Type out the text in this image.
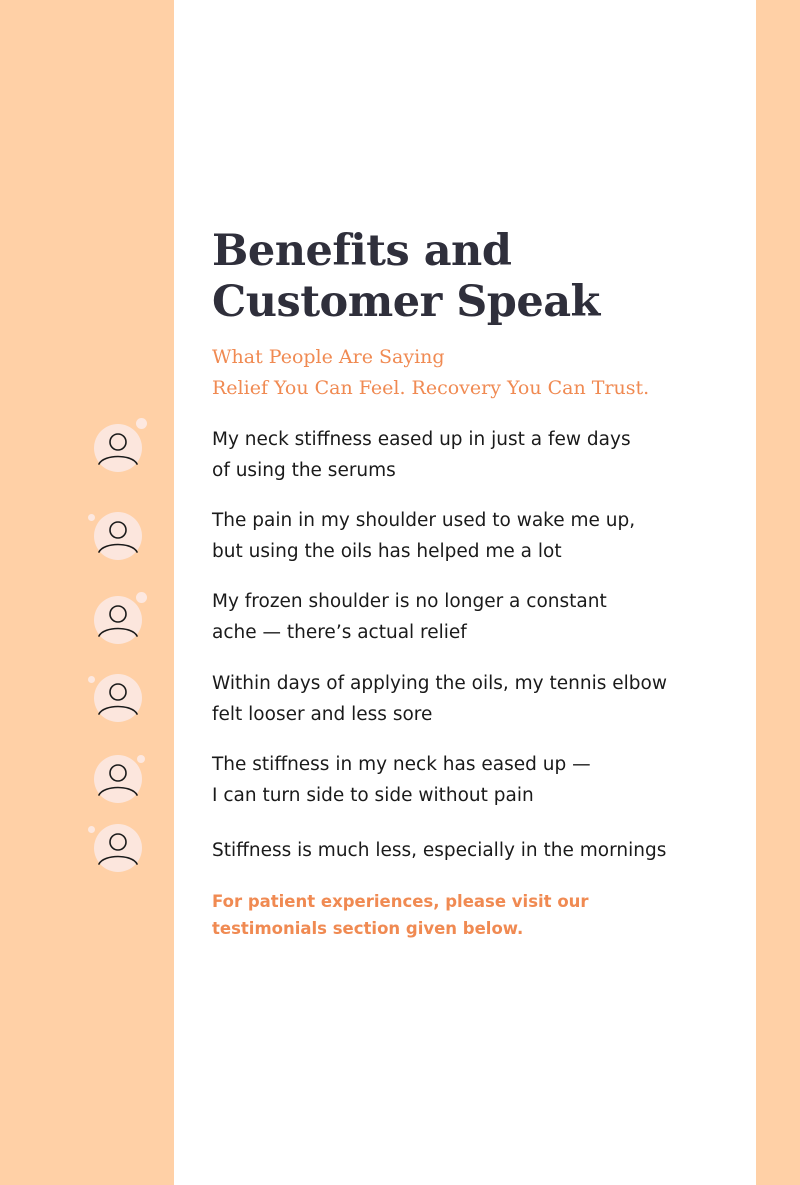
Benefits and
Customer Speak
What People Are Saying
Relief You Can Feel. Recovery You Can Trust.
My neck stiffness eased up in just a few days
of using the serums
The pain in my shoulder used to wake me up,
but using the oils has helped me a lot
My frozen shoulder is no longer a constant
ache — there’s actual relief
Within days of applying the oils, my tennis elbow
felt looser and less sore
The stiffness in my neck has eased up —
I can turn side to side without pain
Stiffness is much less, especially in the mornings
For patient experiences, please visit our
testimonials section given below.
